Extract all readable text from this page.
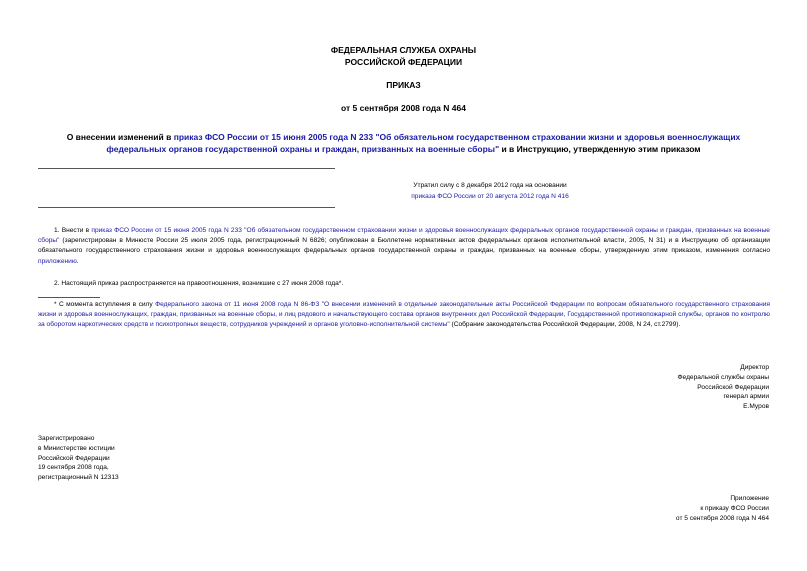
ФЕДЕРАЛЬНАЯ СЛУЖБА ОХРАНЫ
РОССИЙСКОЙ ФЕДЕРАЦИИ
ПРИКАЗ
от 5 сентября 2008 года N 464
О внесении изменений в приказ ФСО России от 15 июня 2005 года N 233 "Об обязательном государственном страховании жизни и здоровья военнослужащих федеральных органов государственной охраны и граждан, призванных на военные сборы" и в Инструкцию, утвержденную этим приказом
Утратил силу с 8 декабря 2012 года на основании
приказа ФСО России от 20 августа 2012 года N 416
1. Внести в приказ ФСО России от 15 июня 2005 года N 233 "Об обязательном государственном страховании жизни и здоровья военнослужащих федеральных органов государственной охраны и граждан, призванных на военные сборы" (зарегистрирован в Минюсте России 25 июля 2005 года, регистрационный N 6826; опубликован в Бюллетене нормативных актов федеральных органов исполнительной власти, 2005, N 31) и в Инструкцию об организации обязательного государственного страхования жизни и здоровья военнослужащих федеральных органов государственной охраны и граждан, призванных на военные сборы, утвержденную этим приказом, изменения согласно приложению.
2. Настоящий приказ распространяется на правоотношения, возникшие с 27 июня 2008 года*.
* С момента вступления в силу Федерального закона от 11 июня 2008 года N 86-ФЗ "О внесении изменений в отдельные законодательные акты Российской Федерации по вопросам обязательного государственного страхования жизни и здоровья военнослужащих, граждан, призванных на военные сборы, и лиц рядового и начальствующего состава органов внутренних дел Российской Федерации, Государственной противопожарной службы, органов по контролю за оборотом наркотических средств и психотропных веществ, сотрудников учреждений и органов уголовно-исполнительной системы" (Собрание законодательства Российской Федерации, 2008, N 24, ст.2799).
Директор
Федеральной службы охраны
Российской Федерации
генерал армии
Е.Муров
Зарегистрировано
в Министерстве юстиции
Российской Федерации
19 сентября 2008 года,
регистрационный N 12313
Приложение
к приказу ФСО России
от 5 сентября 2008 года N 464
